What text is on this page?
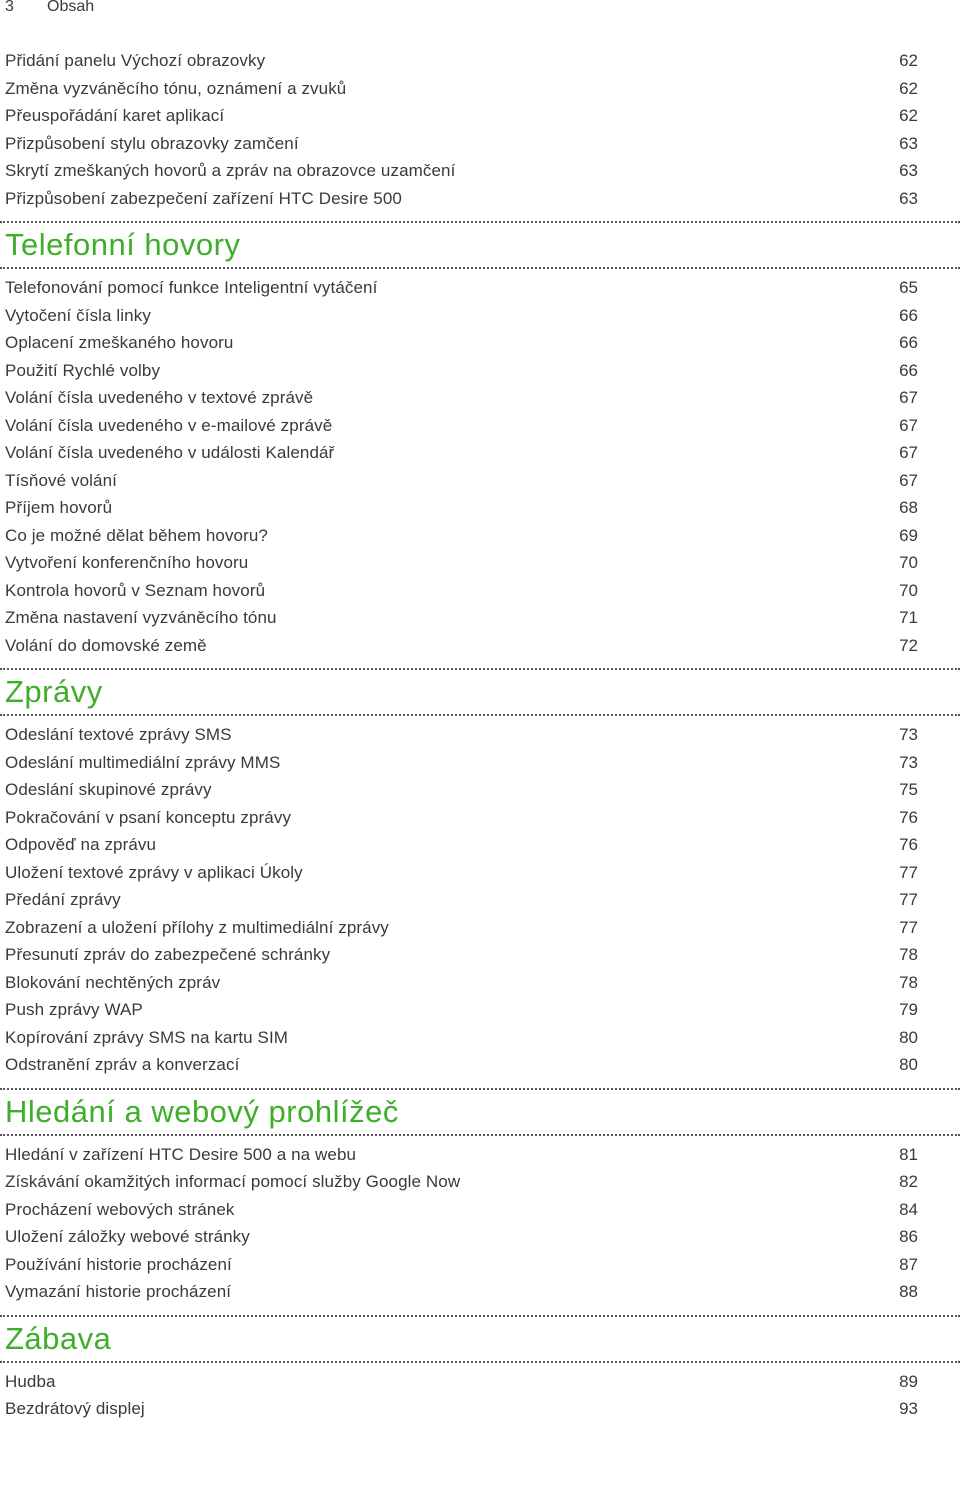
3 Obsah
Přidání panelu Výchozí obrazovky	62
Změna vyzváněcího tónu, oznámení a zvuků	62
Přeuspořádání karet aplikací	62
Přizpůsobení stylu obrazovky zamčení	63
Skrytí zmeškaných hovorů a zpráv na obrazovce uzamčení	63
Přizpůsobení zabezpečení zařízení HTC Desire 500	63
Telefonní hovory
Telefonování pomocí funkce Inteligentní vytáčení	65
Vytočení čísla linky	66
Oplacení zmeškaného hovoru	66
Použití Rychlé volby	66
Volání čísla uvedeného v textové zprávě	67
Volání čísla uvedeného v e-mailové zprávě	67
Volání čísla uvedeného v události Kalendář	67
Tísňové volání	67
Příjem hovorů	68
Co je možné dělat během hovoru?	69
Vytvoření konferenčního hovoru	70
Kontrola hovorů v Seznam hovorů	70
Změna nastavení vyzváněcího tónu	71
Volání do domovské země	72
Zprávy
Odeslání textové zprávy SMS	73
Odeslání multimediální zprávy MMS	73
Odeslání skupinové zprávy	75
Pokračování v psaní konceptu zprávy	76
Odpověď na zprávu	76
Uložení textové zprávy v aplikaci Úkoly	77
Předání zprávy	77
Zobrazení a uložení přílohy z multimediální zprávy	77
Přesunutí zpráv do zabezpečené schránky	78
Blokování nechtěných zpráv	78
Push zprávy WAP	79
Kopírování zprávy SMS na kartu SIM	80
Odstranění zpráv a konverzací	80
Hledání a webový prohlížeč
Hledání v zařízení HTC Desire 500 a na webu	81
Získávání okamžitých informací pomocí služby Google Now	82
Procházení webových stránek	84
Uložení záložky webové stránky	86
Používání historie procházení	87
Vymazání historie procházení	88
Zábava
Hudba	89
Bezdrátový displej	93
